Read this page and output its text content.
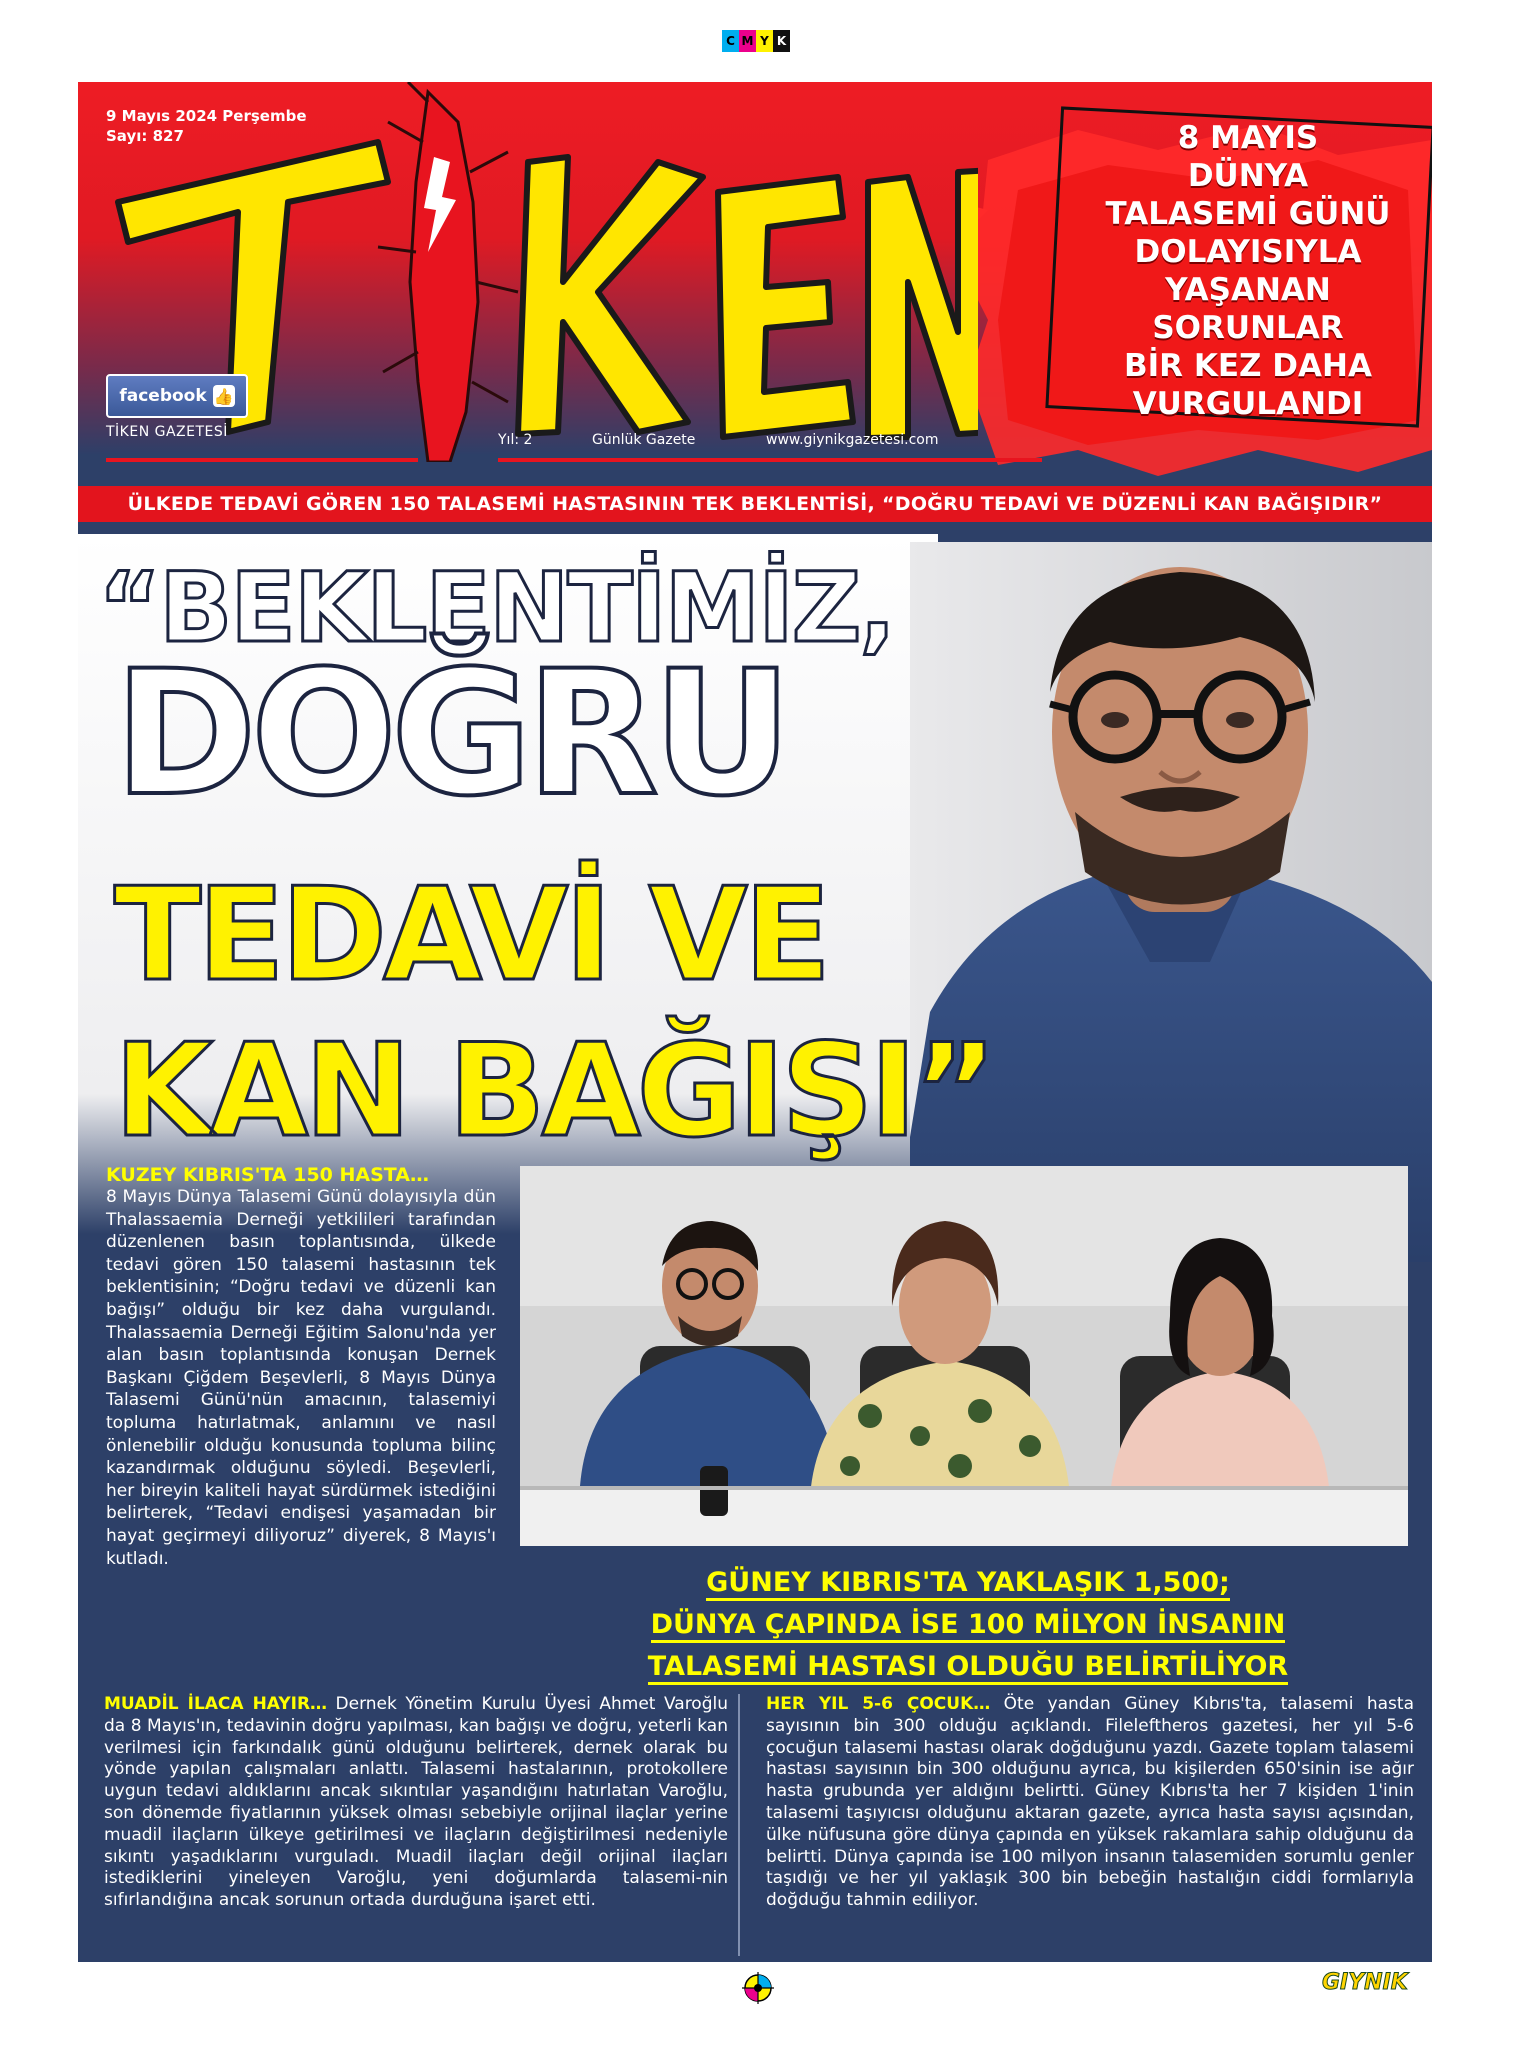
C M Y K
9 Mayıs 2024 Perşembe
Sayı: 827
facebook 👍
TİKEN GAZETESİ	Yıl: 2	Günlük Gazete	www.giynikgazetesi.com
8 MAYIS
DÜNYA
TALASEMİ GÜNÜ
DOLAYISIYLA
YAŞANAN
SORUNLAR
BİR KEZ DAHA
VURGULANDI
ÜLKEDE TEDAVİ GÖREN 150 TALASEMİ HASTASININ TEK BEKLENTİSİ, “DOĞRU TEDAVİ VE DÜZENLİ KAN BAĞIŞIDIR”
“BEKLENTİMİZ,
DOĞRU
TEDAVİ VE
KAN BAĞIŞI”
KUZEY KIBRIS'TA 150 HASTA…
8 Mayıs Dünya Talasemi Günü dolayısıyla dün Thalassaemia Derneği yetkilileri tarafından düzenlenen basın toplantısında, ülkede tedavi gören 150 talasemi hastasının tek beklentisinin; “Doğru tedavi ve düzenli kan bağışı” olduğu bir kez daha vurgulandı. Thalassaemia Derneği Eğitim Salonu'nda yer alan basın toplantısında konuşan Dernek Başkanı Çiğdem Beşevlerli, 8 Mayıs Dünya Talasemi Günü'nün amacının, talasemiyi topluma hatırlatmak, anlamını ve nasıl önlenebilir olduğu konusunda topluma bilinç kazandırmak olduğunu söyledi. Beşevlerli, her bireyin kaliteli hayat sürdürmek istediğini belirterek, “Tedavi endişesi yaşamadan bir hayat geçirmeyi diliyoruz” diyerek, 8 Mayıs'ı kutladı.
GÜNEY KIBRIS'TA YAKLAŞIK 1,500;
DÜNYA ÇAPINDA İSE 100 MİLYON İNSANIN
TALASEMİ HASTASI OLDUĞU BELİRTİLİYOR
MUADİL İLACA HAYIR… Dernek Yönetim Kurulu Üyesi Ahmet Varoğlu da 8 Mayıs'ın, tedavinin doğru yapılması, kan bağışı ve doğru, yeterli kan verilmesi için farkındalık günü olduğunu belirterek, dernek olarak bu yönde yapılan çalışmaları anlattı. Talasemi hastalarının, protokollere uygun tedavi aldıklarını ancak sıkıntılar yaşandığını hatırlatan Varoğlu, son dönemde fiyatlarının yüksek olması sebebiyle orijinal ilaçlar yerine muadil ilaçların ülkeye getirilmesi ve ilaçların değiştirilmesi nedeniyle sıkıntı yaşadıklarını vurguladı. Muadil ilaçları değil orijinal ilaçları istediklerini yineleyen Varoğlu, yeni doğumlarda talasemi-nin sıfırlandığına ancak sorunun ortada durduğuna işaret etti.
HER YIL 5-6 ÇOCUK… Öte yandan Güney Kıbrıs'ta, talasemi hasta sayısının bin 300 olduğu açıklandı. Fileleftheros gazetesi, her yıl 5-6 çocuğun talasemi hastası olarak doğduğunu yazdı. Gazete toplam talasemi hastası sayısının bin 300 olduğunu ayrıca, bu kişilerden 650'sinin ise ağır hasta grubunda yer aldığını belirtti. Güney Kıbrıs'ta her 7 kişiden 1'inin talasemi taşıyıcısı olduğunu aktaran gazete, ayrıca hasta sayısı açısından, ülke nüfusuna göre dünya çapında en yüksek rakamlara sahip olduğunu da belirtti. Dünya çapında ise 100 milyon insanın talasemiden sorumlu genler taşıdığı ve her yıl yaklaşık 300 bin bebeğin hastalığın ciddi formlarıyla doğduğu tahmin ediliyor.
GIYNIK
